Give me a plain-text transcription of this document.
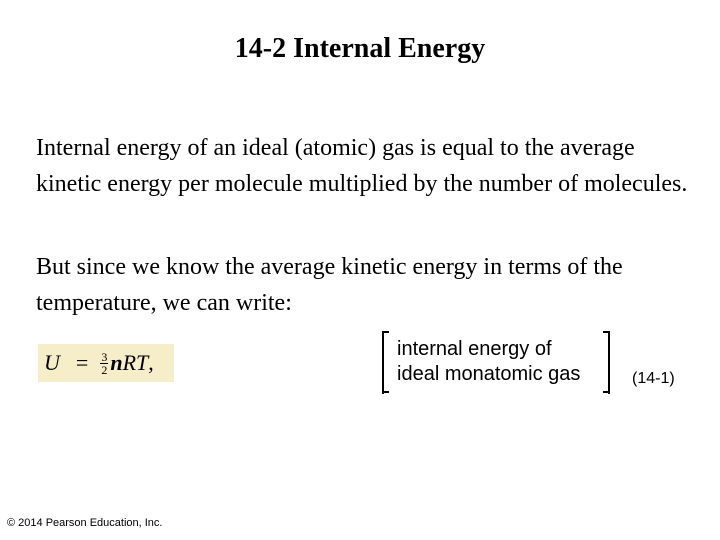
14-2 Internal Energy
Internal energy of an ideal (atomic) gas is equal to the average kinetic energy per molecule multiplied by the number of molecules.
But since we know the average kinetic energy in terms of the temperature, we can write:
$U = \frac{3}{2}$ n RT ,
internal energy of
ideal monatomic gas	(14-1)
© 2014 Pearson Education, Inc.
